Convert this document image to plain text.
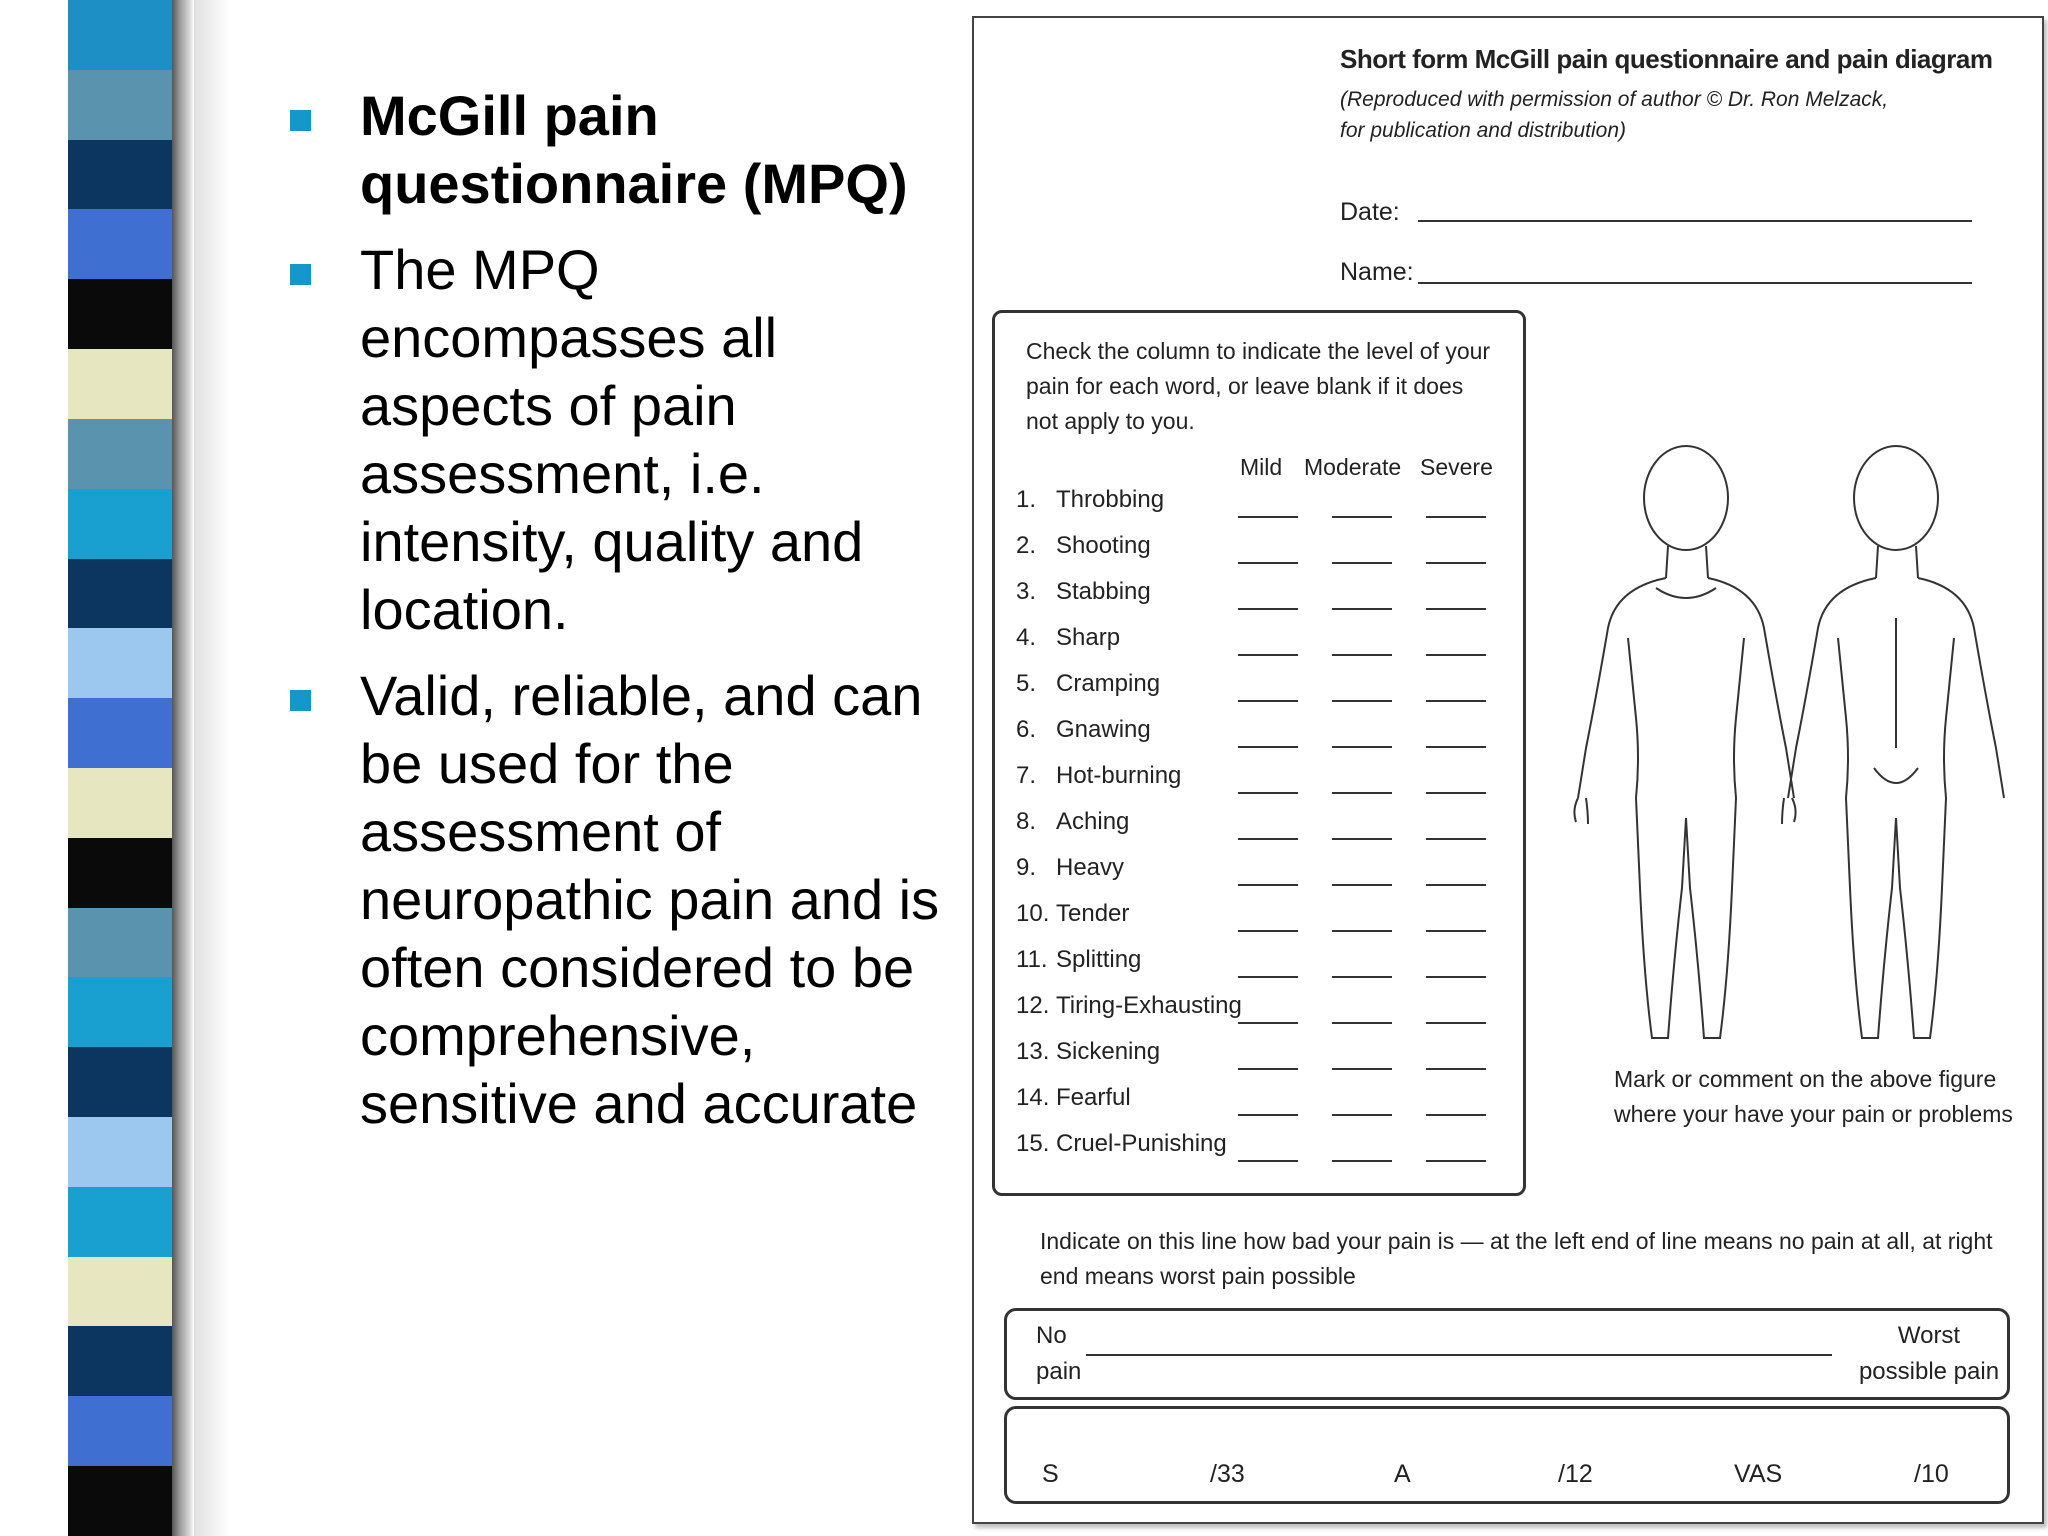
McGill pain questionnaire (MPQ)
The MPQ encompasses all aspects of pain assessment, i.e. intensity, quality and location.
Valid, reliable, and can be used for the assessment of neuropathic pain and is often considered to be comprehensive, sensitive and accurate
Short form McGill pain questionnaire and pain diagram
(Reproduced with permission of author © Dr. Ron Melzack, for publication and distribution)
Date:
Name:
Check the column to indicate the level of your pain for each word, or leave blank if it does not apply to you.
Mild Moderate Severe
1. Throbbing
2. Shooting
3. Stabbing
4. Sharp
5. Cramping
6. Gnawing
7. Hot-burning
8. Aching
9. Heavy
10. Tender
11. Splitting
12. Tiring-Exhausting
13. Sickening
14. Fearful
15. Cruel-Punishing
Mark or comment on the above figure where your have your pain or problems
Indicate on this line how bad your pain is — at the left end of line means no pain at all, at right end means worst pain possible
No pain
Worst possible pain
S	/33	A	/12	VAS	/10
